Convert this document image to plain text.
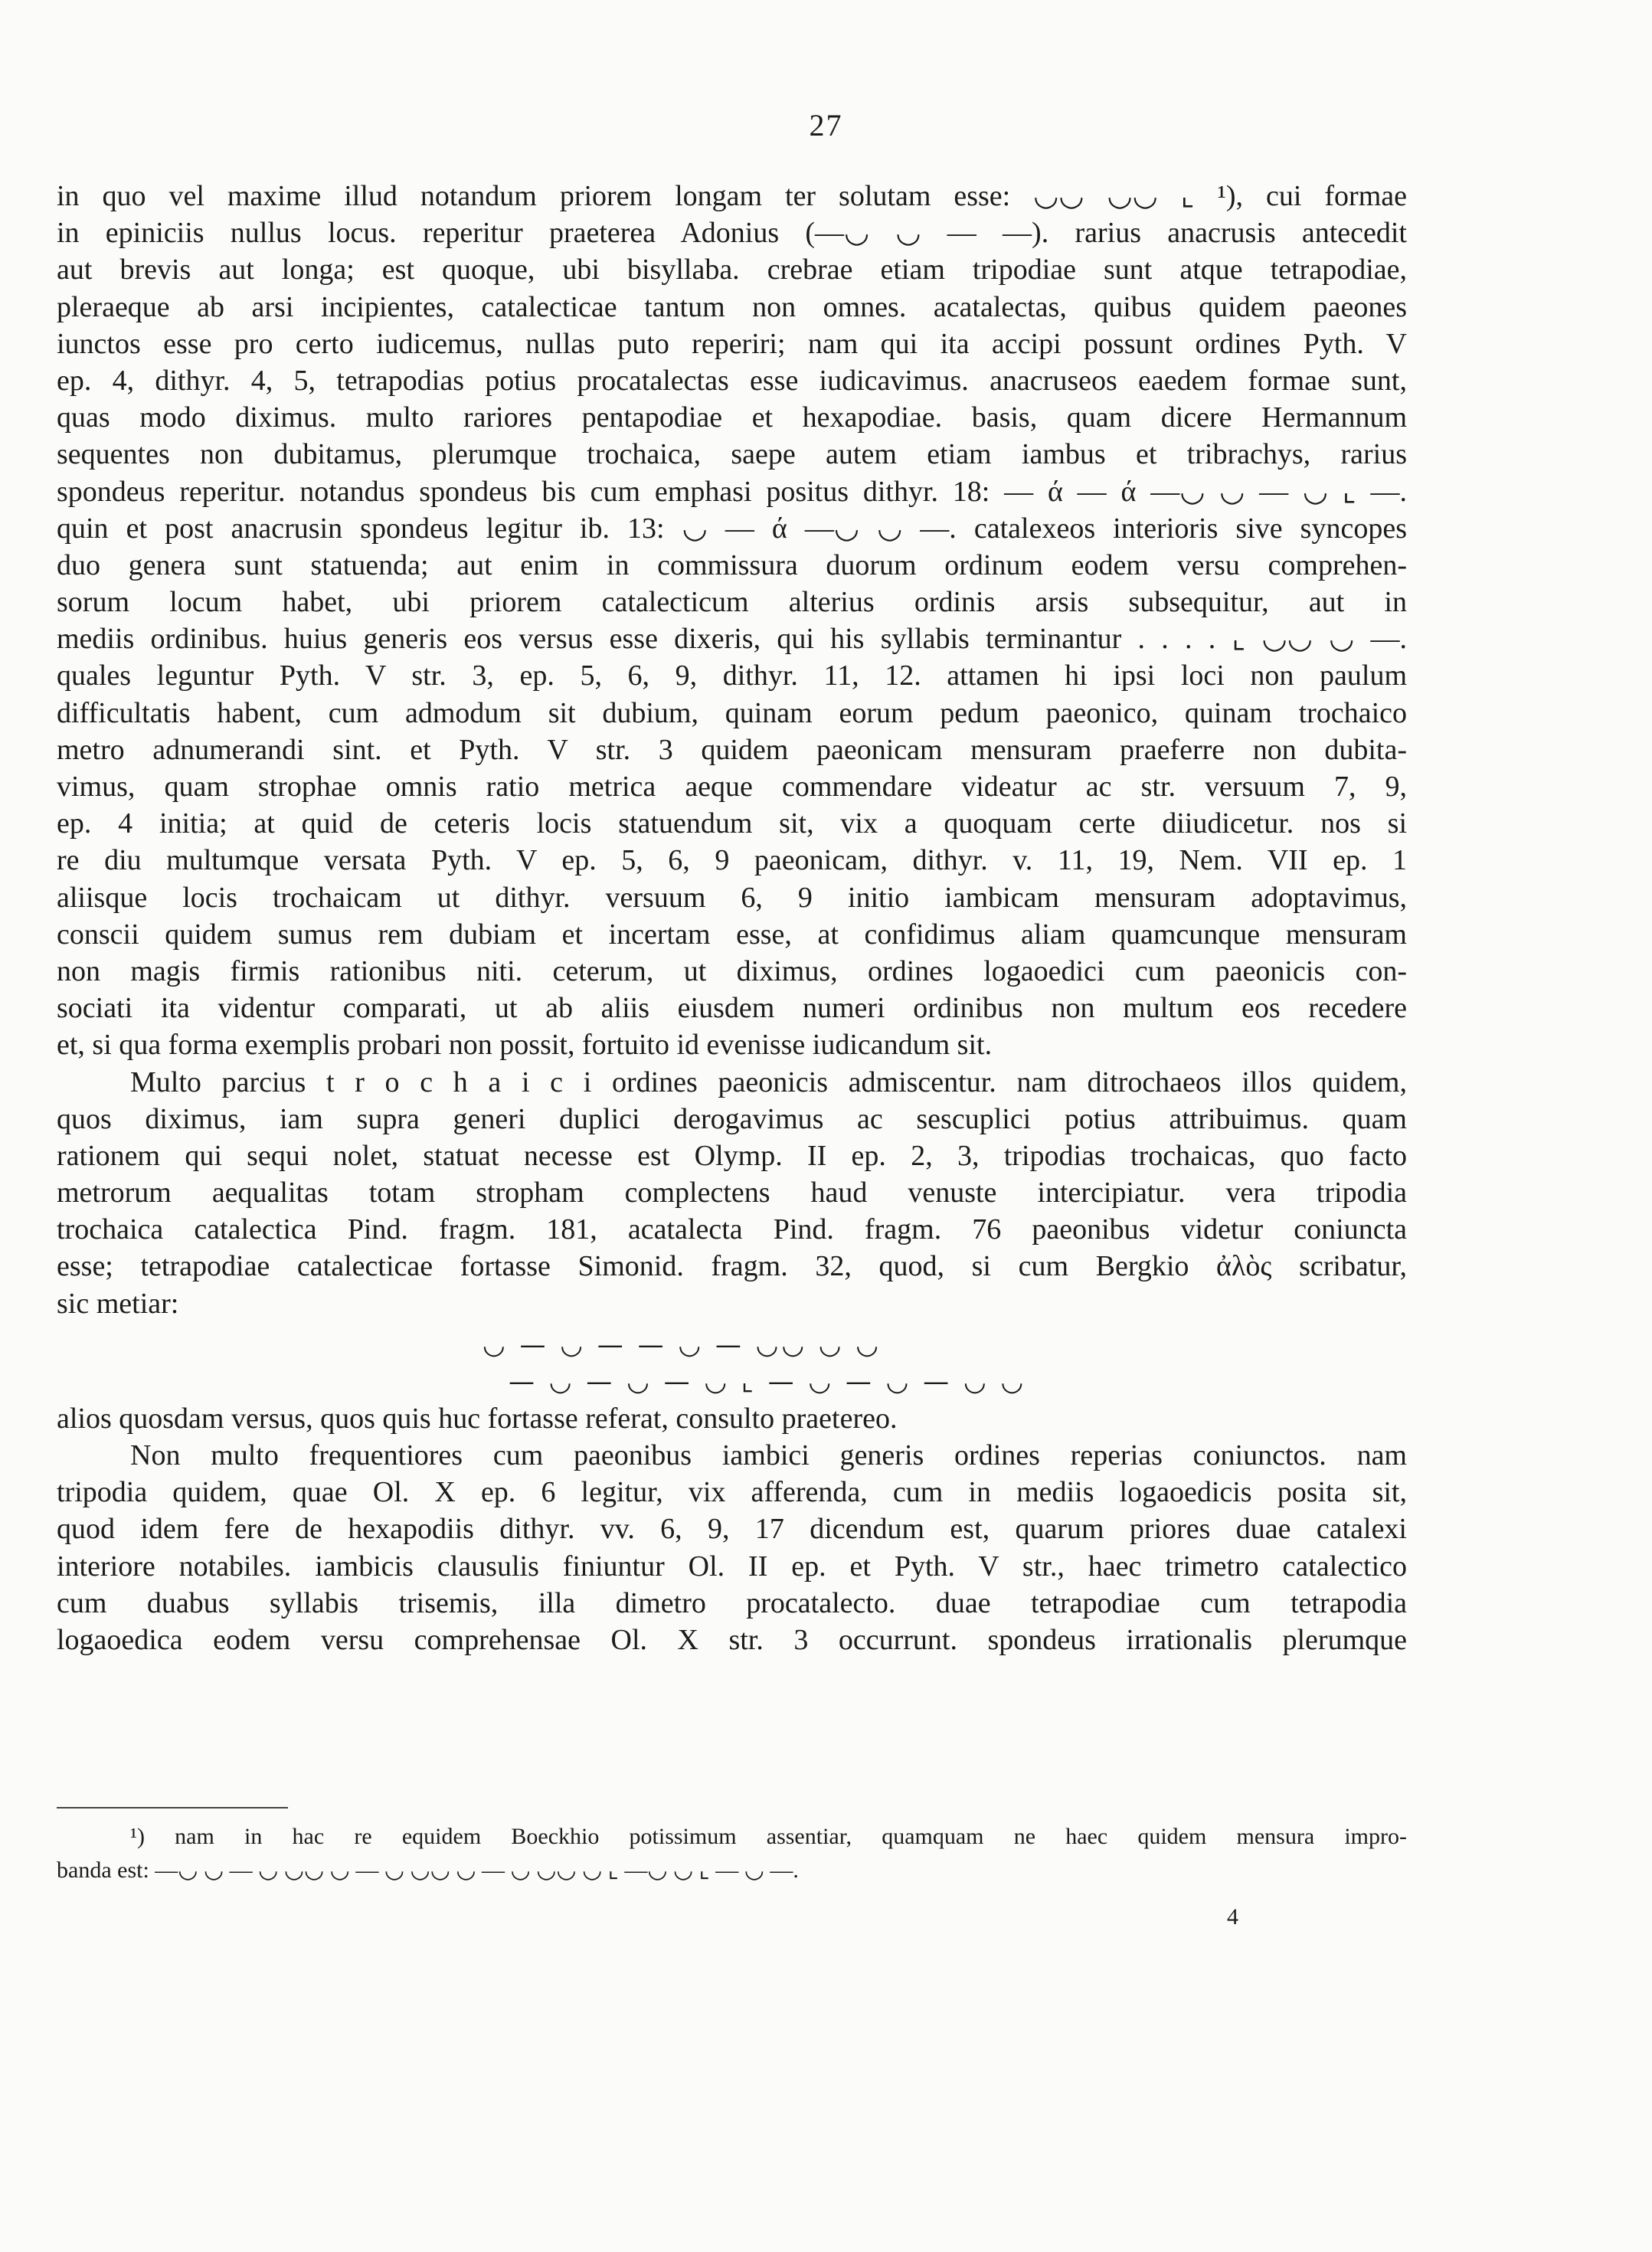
27
in quo vel maxime illud notandum priorem longam ter solutam esse: ◡◡ ◡◡ ⌞ ¹), cui formae
in epiniciis nullus locus. reperitur praeterea Adonius (—◡ ◡ — —). rarius anacrusis antecedit
aut brevis aut longa; est quoque, ubi bisyllaba. crebrae etiam tripodiae sunt atque tetrapodiae,
pleraeque ab arsi incipientes, catalecticae tantum non omnes. acatalectas, quibus quidem paeones
iunctos esse pro certo iudicemus, nullas puto reperiri; nam qui ita accipi possunt ordines Pyth. V
ep. 4, dithyr. 4, 5, tetrapodias potius procatalectas esse iudicavimus. anacruseos eaedem formae sunt,
quas modo diximus. multo rariores pentapodiae et hexapodiae. basis, quam dicere Hermannum
sequentes non dubitamus, plerumque trochaica, saepe autem etiam iambus et tribrachys, rarius
spondeus reperitur. notandus spondeus bis cum emphasi positus dithyr. 18: — ά — ά —◡ ◡ — ◡ ⌞ —.
quin et post anacrusin spondeus legitur ib. 13: ◡ — ά —◡ ◡ —. catalexeos interioris sive syncopes
duo genera sunt statuenda; aut enim in commissura duorum ordinum eodem versu comprehen-
sorum locum habet, ubi priorem catalecticum alterius ordinis arsis subsequitur, aut in
mediis ordinibus. huius generis eos versus esse dixeris, qui his syllabis terminantur . . . . ⌞ ◡◡ ◡ —.
quales leguntur Pyth. V str. 3, ep. 5, 6, 9, dithyr. 11, 12. attamen hi ipsi loci non paulum
difficultatis habent, cum admodum sit dubium, quinam eorum pedum paeonico, quinam trochaico
metro adnumerandi sint. et Pyth. V str. 3 quidem paeonicam mensuram praeferre non dubita-
vimus, quam strophae omnis ratio metrica aeque commendare videatur ac str. versuum 7, 9,
ep. 4 initia; at quid de ceteris locis statuendum sit, vix a quoquam certe diiudicetur. nos si
re diu multumque versata Pyth. V ep. 5, 6, 9 paeonicam, dithyr. v. 11, 19, Nem. VII ep. 1
aliisque locis trochaicam ut dithyr. versuum 6, 9 initio iambicam mensuram adoptavimus,
conscii quidem sumus rem dubiam et incertam esse, at confidimus aliam quamcunque mensuram
non magis firmis rationibus niti. ceterum, ut diximus, ordines logaoedici cum paeonicis con-
sociati ita videntur comparati, ut ab aliis eiusdem numeri ordinibus non multum eos recedere
et, si qua forma exemplis probari non possit, fortuito id evenisse iudicandum sit.
Multo parcius t r o c h a i c i ordines paeonicis admiscentur. nam ditrochaeos illos quidem,
quos diximus, iam supra generi duplici derogavimus ac sescuplici potius attribuimus. quam
rationem qui sequi nolet, statuat necesse est Olymp. II ep. 2, 3, tripodias trochaicas, quo facto
metrorum aequalitas totam stropham complectens haud venuste intercipiatur. vera tripodia
trochaica catalectica Pind. fragm. 181, acatalecta Pind. fragm. 76 paeonibus videtur coniuncta
esse; tetrapodiae catalecticae fortasse Simonid. fragm. 32, quod, si cum Bergkio ἀλὸς scribatur,
sic metiar:
◡ — ◡ — — ◡ — ◡◡ ◡ ◡
— ◡ — ◡ — ◡ ⌞ — ◡ — ◡ — ◡ ◡
alios quosdam versus, quos quis huc fortasse referat, consulto praetereo.
Non multo frequentiores cum paeonibus iambici generis ordines reperias coniunctos. nam
tripodia quidem, quae Ol. X ep. 6 legitur, vix afferenda, cum in mediis logaoedicis posita sit,
quod idem fere de hexapodiis dithyr. vv. 6, 9, 17 dicendum est, quarum priores duae catalexi
interiore notabiles. iambicis clausulis finiuntur Ol. II ep. et Pyth. V str., haec trimetro catalectico
cum duabus syllabis trisemis, illa dimetro procatalecto. duae tetrapodiae cum tetrapodia
logaoedica eodem versu comprehensae Ol. X str. 3 occurrunt. spondeus irrationalis plerumque
¹) nam in hac re equidem Boeckhio potissimum assentiar, quamquam ne haec quidem mensura impro-
banda est: —◡ ◡ — ◡ ◡◡ ◡ — ◡ ◡◡ ◡ — ◡ ◡◡ ◡ ⌞ —◡ ◡ ⌞ — ◡ —.
4
